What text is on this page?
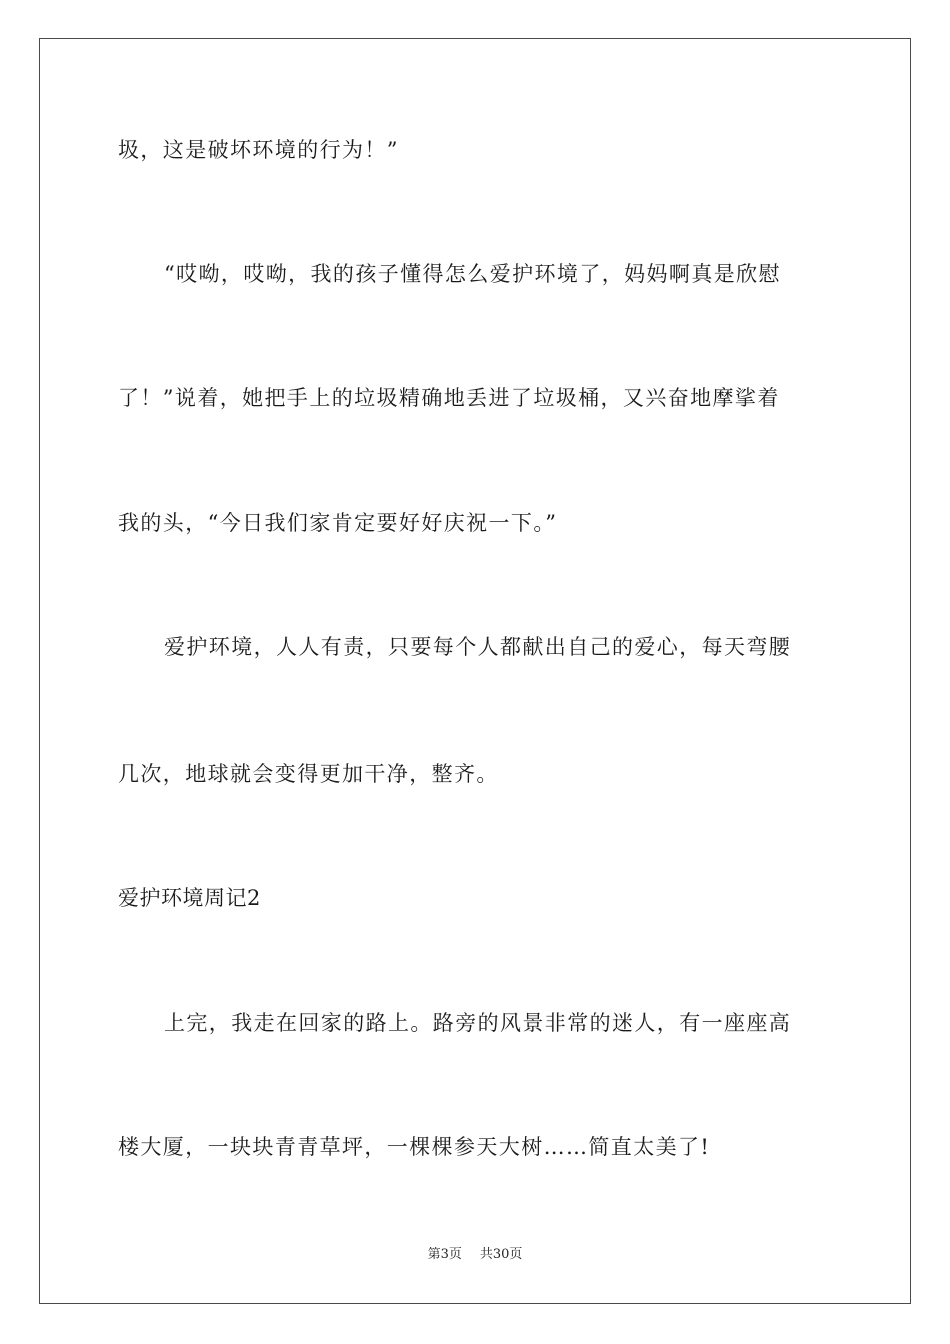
圾，这是破坏环境的行为！”
“哎呦，哎呦，我的孩子懂得怎么爱护环境了，妈妈啊真是欣慰
了！”说着，她把手上的垃圾精确地丢进了垃圾桶，又兴奋地摩挲着
我的头，“今日我们家肯定要好好庆祝一下。”
爱护环境，人人有责，只要每个人都献出自己的爱心，每天弯腰
几次，地球就会变得更加干净，整齐。
爱护环境周记2
上完，我走在回家的路上。路旁的风景非常的迷人，有一座座高
楼大厦，一块块青青草坪，一棵棵参天大树……简直太美了!
第3页 共30页
